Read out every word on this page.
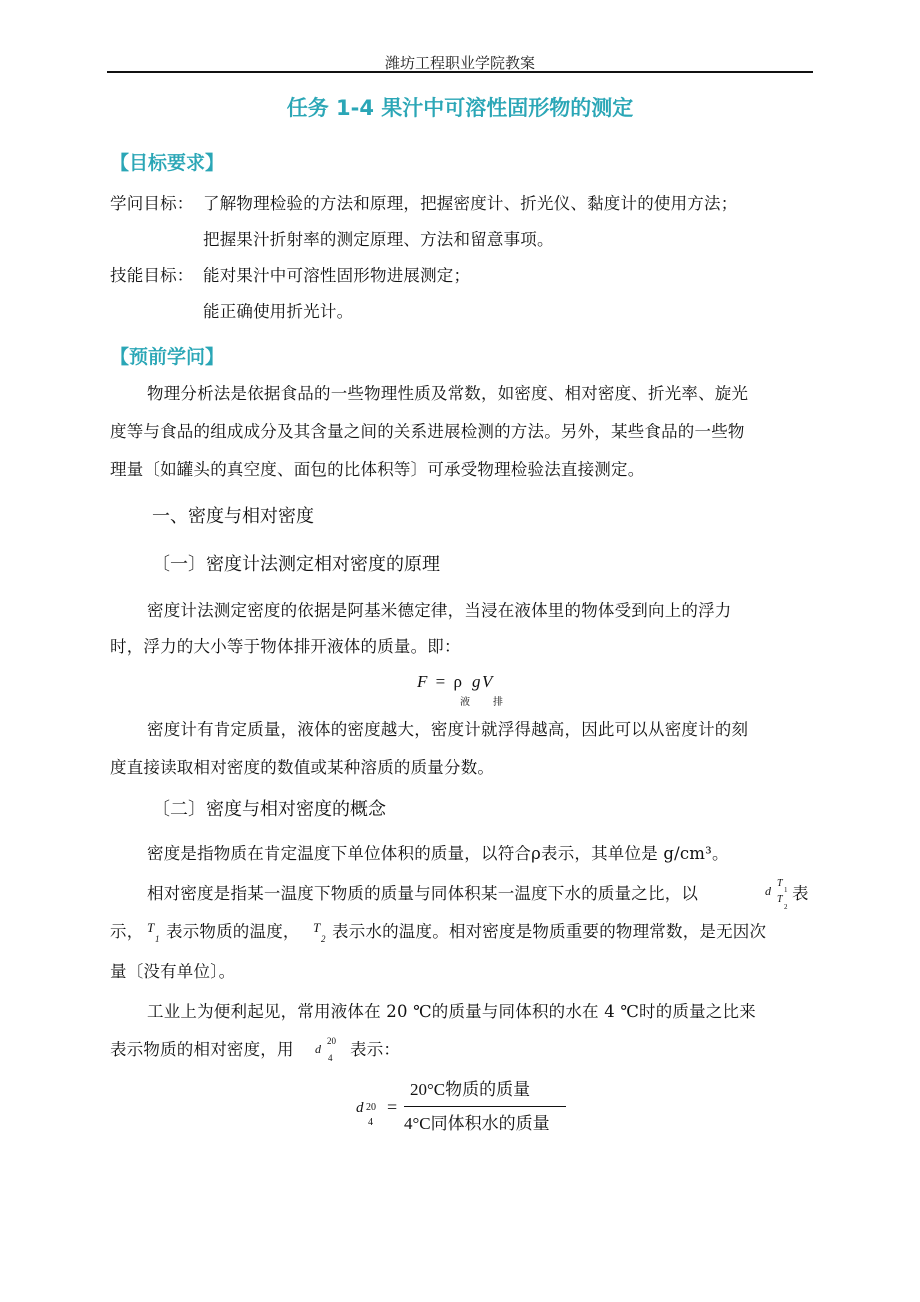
潍坊工程职业学院教案
任务 1-4 果汁中可溶性固形物的测定
【目标要求】
学问目标： 了解物理检验的方法和原理，把握密度计、折光仪、黏度计的使用方法；
把握果汁折射率的测定原理、方法和留意事项。
技能目标： 能对果汁中可溶性固形物进展测定；
能正确使用折光计。
【预前学问】
物理分析法是依据食品的一些物理性质及常数，如密度、相对密度、折光率、旋光
度等与食品的组成成分及其含量之间的关系进展检测的方法。另外，某些食品的一些物
理量〔如罐头的真空度、面包的比体积等〕可承受物理检验法直接测定。
一、密度与相对密度
〔一〕密度计法测定相对密度的原理
密度计法测定密度的依据是阿基米德定律，当浸在液体里的物体受到向上的浮力
时，浮力的大小等于物体排开液体的质量。即：
F = ρ
液
g V
排
密度计有肯定质量，液体的密度越大，密度计就浮得越高，因此可以从密度计的刻
度直接读取相对密度的数值或某种溶质的质量分数。
〔二〕密度与相对密度的概念
密度是指物质在肯定温度下单位体积的质量，以符合ρ表示，其单位是 g/cm³。
相对密度是指某一温度下物质的质量与同体积某一温度下水的质量之比，以	d
T
1
T
2
表
示， T
1 表示物质的温度， T
2 表示水的温度。相对密度是物质重要的物理常数，是无因次
量〔没有单位〕。
工业上为便利起见，常用液体在 20 ℃的质量与同体积的水在 4 ℃时的质量之比来
表示物质的相对密度，用 d
20
4 表示：
d 20
4
=
20°C物质的质量
4°C同体积水的质量
